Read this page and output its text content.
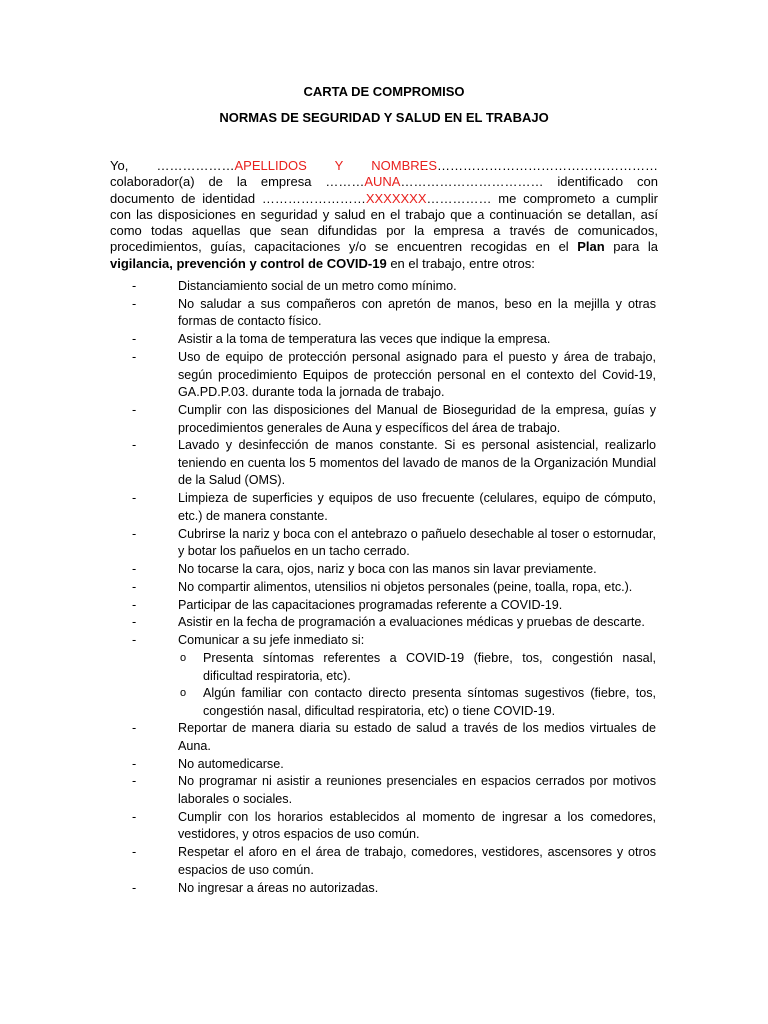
CARTA DE COMPROMISO
NORMAS DE SEGURIDAD Y SALUD EN EL TRABAJO
Yo, ………………APELLIDOS Y NOMBRES…………………………………………… colaborador(a) de la empresa ………AUNA…………………………… identificado con documento de identidad ……………………XXXXXXX…………… me comprometo a cumplir con las disposiciones en seguridad y salud en el trabajo que a continuación se detallan, así como todas aquellas que sean difundidas por la empresa a través de comunicados, procedimientos, guías, capacitaciones y/o se encuentren recogidas en el Plan para la vigilancia, prevención y control de COVID-19 en el trabajo, entre otros:
-	Distanciamiento social de un metro como mínimo.
-	No saludar a sus compañeros con apretón de manos, beso en la mejilla y otras formas de contacto físico.
-	Asistir a la toma de temperatura las veces que indique la empresa.
-	Uso de equipo de protección personal asignado para el puesto y área de trabajo, según procedimiento Equipos de protección personal en el contexto del Covid-19, GA.PD.P.03. durante toda la jornada de trabajo.
-	Cumplir con las disposiciones del Manual de Bioseguridad de la empresa, guías y procedimientos generales de Auna y específicos del área de trabajo.
-	Lavado y desinfección de manos constante. Si es personal asistencial, realizarlo teniendo en cuenta los 5 momentos del lavado de manos de la Organización Mundial de la Salud (OMS).
-	Limpieza de superficies y equipos de uso frecuente (celulares, equipo de cómputo, etc.) de manera constante.
-	Cubrirse la nariz y boca con el antebrazo o pañuelo desechable al toser o estornudar, y botar los pañuelos en un tacho cerrado.
-	No tocarse la cara, ojos, nariz y boca con las manos sin lavar previamente.
-	No compartir alimentos, utensilios ni objetos personales (peine, toalla, ropa, etc.).
-	Participar de las capacitaciones programadas referente a COVID-19.
-	Asistir en la fecha de programación a evaluaciones médicas y pruebas de descarte.
-	Comunicar a su jefe inmediato si:
o Presenta síntomas referentes a COVID-19 (fiebre, tos, congestión nasal, dificultad respiratoria, etc).
o Algún familiar con contacto directo presenta síntomas sugestivos (fiebre, tos, congestión nasal, dificultad respiratoria, etc) o tiene COVID-19.
-	Reportar de manera diaria su estado de salud a través de los medios virtuales de Auna.
-	No automedicarse.
-	No programar ni asistir a reuniones presenciales en espacios cerrados por motivos laborales o sociales.
-	Cumplir con los horarios establecidos al momento de ingresar a los comedores, vestidores, y otros espacios de uso común.
-	Respetar el aforo en el área de trabajo, comedores, vestidores, ascensores y otros espacios de uso común.
-	No ingresar a áreas no autorizadas.
